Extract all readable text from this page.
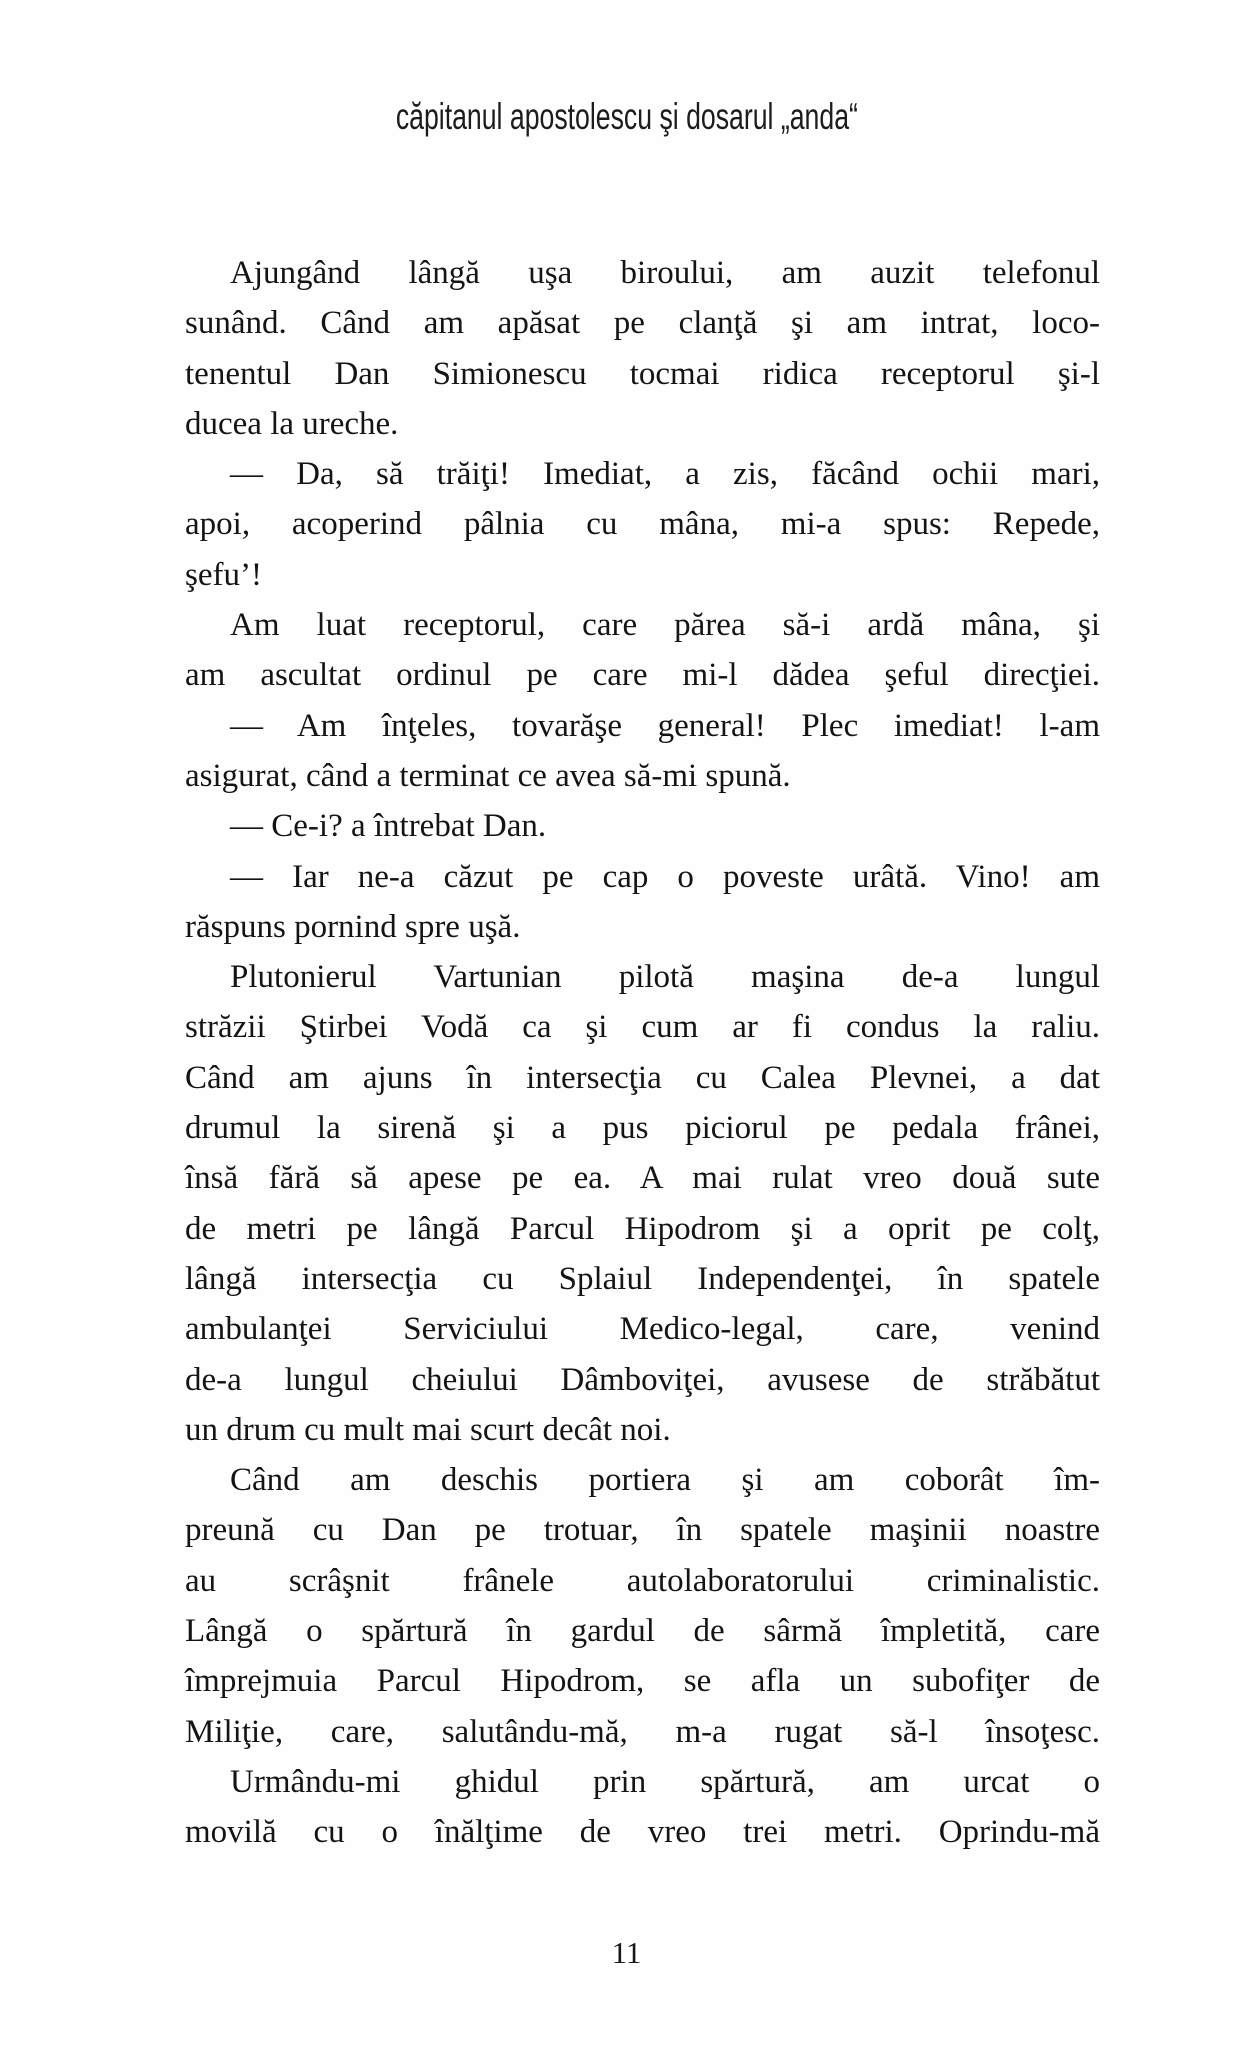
căpitanul apostolescu şi dosarul „anda“
Ajungând lângă uşa biroului, am auzit telefonul
sunând. Când am apăsat pe clanţă şi am intrat, loco-
tenentul Dan Simionescu tocmai ridica receptorul şi-l
ducea la ureche.
— Da, să trăiţi! Imediat, a zis, făcând ochii mari,
apoi, acoperind pâlnia cu mâna, mi-a spus: Repede,
şefu’!
Am luat receptorul, care părea să-i ardă mâna, şi
am ascultat ordinul pe care mi-l dădea şeful direcţiei.
— Am înţeles, tovarăşe general! Plec imediat! l-am
asigurat, când a terminat ce avea să-mi spună.
— Ce-i? a întrebat Dan.
— Iar ne-a căzut pe cap o poveste urâtă. Vino! am
răspuns pornind spre uşă.
Plutonierul Vartunian pilotă maşina de-a lungul
străzii Ştirbei Vodă ca şi cum ar fi condus la raliu.
Când am ajuns în intersecţia cu Calea Plevnei, a dat
drumul la sirenă şi a pus piciorul pe pedala frânei,
însă fără să apese pe ea. A mai rulat vreo două sute
de metri pe lângă Parcul Hipodrom şi a oprit pe colţ,
lângă intersecţia cu Splaiul Independenţei, în spatele
ambulanţei Serviciului Medico-legal, care, venind
de-a lungul cheiului Dâmboviţei, avusese de străbătut
un drum cu mult mai scurt decât noi.
Când am deschis portiera şi am coborât îm-
preună cu Dan pe trotuar, în spatele maşinii noastre
au scrâşnit frânele autolaboratorului criminalistic.
Lângă o spărtură în gardul de sârmă împletită, care
împrejmuia Parcul Hipodrom, se afla un subofiţer de
Miliţie, care, salutându-mă, m-a rugat să-l însoţesc.
Urmându-mi ghidul prin spărtură, am urcat o
movilă cu o înălţime de vreo trei metri. Oprindu-mă
11
